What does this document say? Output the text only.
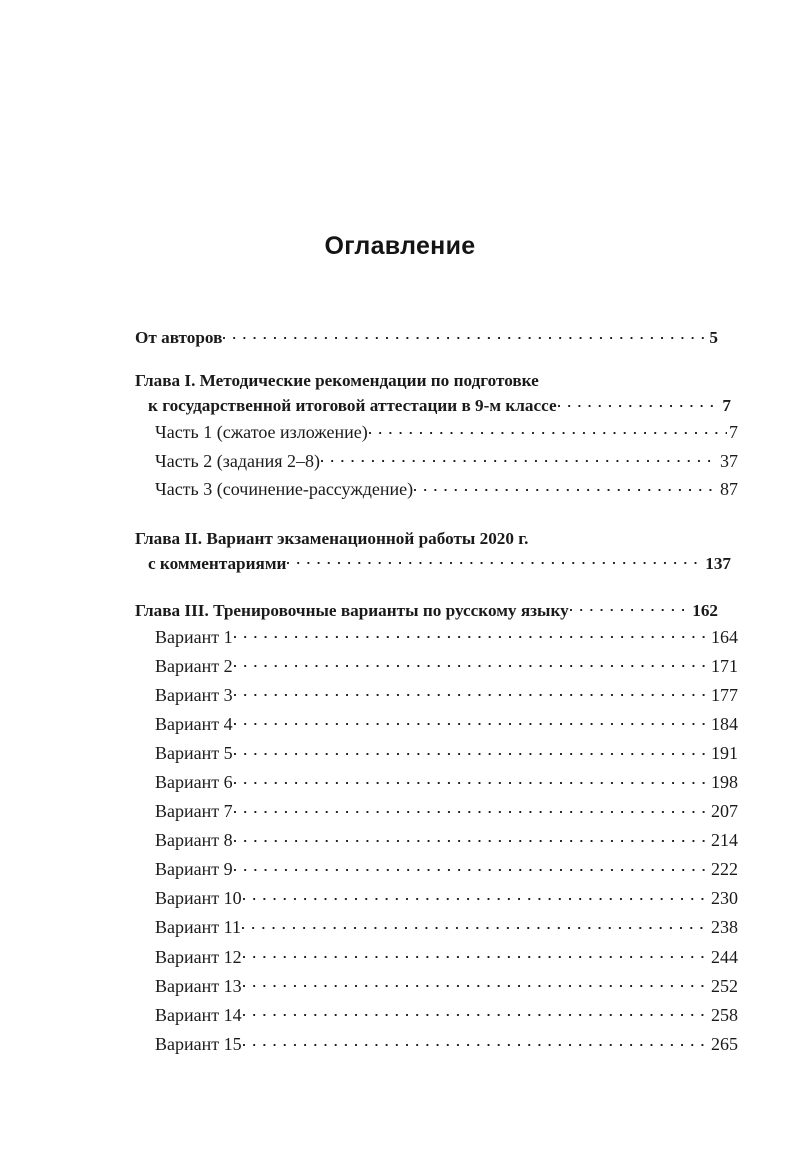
Оглавление
От авторов	5
Глава I. Методические рекомендации по подготовке
к государственной итоговой аттестации в 9-м классе	7
Часть 1 (сжатое изложение)	7
Часть 2 (задания 2–8)	37
Часть 3 (сочинение-рассуждение)	87
Глава II. Вариант экзаменационной работы 2020 г.
с комментариями	137
Глава III. Тренировочные варианты по русскому языку	162
Вариант 1	164
Вариант 2	171
Вариант 3	177
Вариант 4	184
Вариант 5	191
Вариант 6	198
Вариант 7	207
Вариант 8	214
Вариант 9	222
Вариант 10	230
Вариант 11	238
Вариант 12	244
Вариант 13	252
Вариант 14	258
Вариант 15	265
